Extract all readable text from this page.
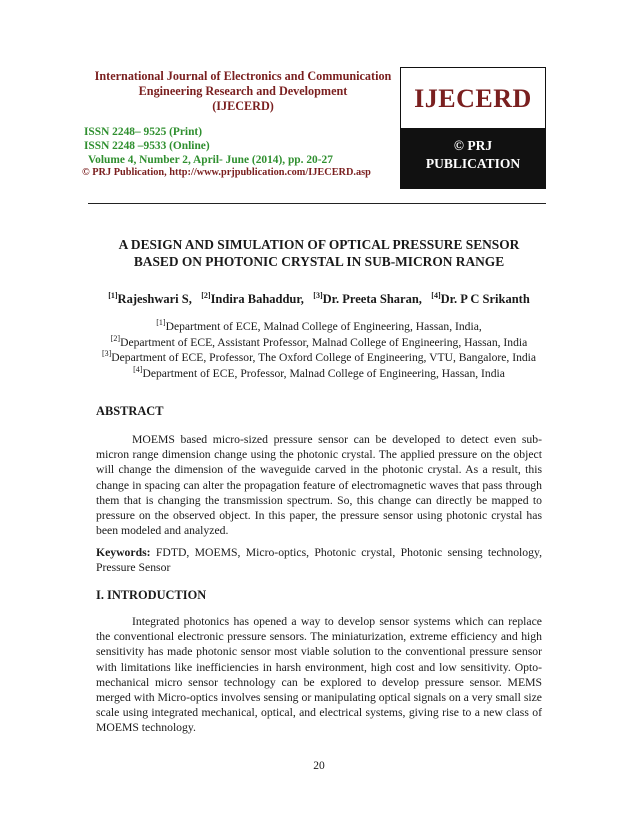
International Journal of Electronics and Communication
Engineering Research and Development
(IJECERD)
ISSN 2248– 9525 (Print)
ISSN 2248 –9533 (Online)
Volume 4, Number 2, April- June (2014), pp. 20-27
© PRJ Publication, http://www.prjpublication.com/IJECERD.asp
IJECERD
© PRJ
PUBLICATION
A DESIGN AND SIMULATION OF OPTICAL PRESSURE SENSOR
BASED ON PHOTONIC CRYSTAL IN SUB-MICRON RANGE
[1]Rajeshwari S, [2]Indira Bahaddur, [3]Dr. Preeta Sharan, [4]Dr. P C Srikanth
[1]Department of ECE, Malnad College of Engineering, Hassan, India,
[2]Department of ECE, Assistant Professor, Malnad College of Engineering, Hassan, India
[3]Department of ECE, Professor, The Oxford College of Engineering, VTU, Bangalore, India
[4]Department of ECE, Professor, Malnad College of Engineering, Hassan, India
ABSTRACT
MOEMS based micro-sized pressure sensor can be developed to detect even sub-micron range dimension change using the photonic crystal. The applied pressure on the object will change the dimension of the waveguide carved in the photonic crystal. As a result, this change in spacing can alter the propagation feature of electromagnetic waves that pass through them that is changing the transmission spectrum. So, this change can directly be mapped to pressure on the observed object. In this paper, the pressure sensor using photonic crystal has been modeled and analyzed.
Keywords: FDTD, MOEMS, Micro-optics, Photonic crystal, Photonic sensing technology, Pressure Sensor
I. INTRODUCTION
Integrated photonics has opened a way to develop sensor systems which can replace the conventional electronic pressure sensors. The miniaturization, extreme efficiency and high sensitivity has made photonic sensor most viable solution to the conventional pressure sensor with limitations like inefficiencies in harsh environment, high cost and low sensitivity. Opto-mechanical micro sensor technology can be explored to develop pressure sensor. MEMS merged with Micro-optics involves sensing or manipulating optical signals on a very small size scale using integrated mechanical, optical, and electrical systems, giving rise to a new class of MOEMS technology.
20
